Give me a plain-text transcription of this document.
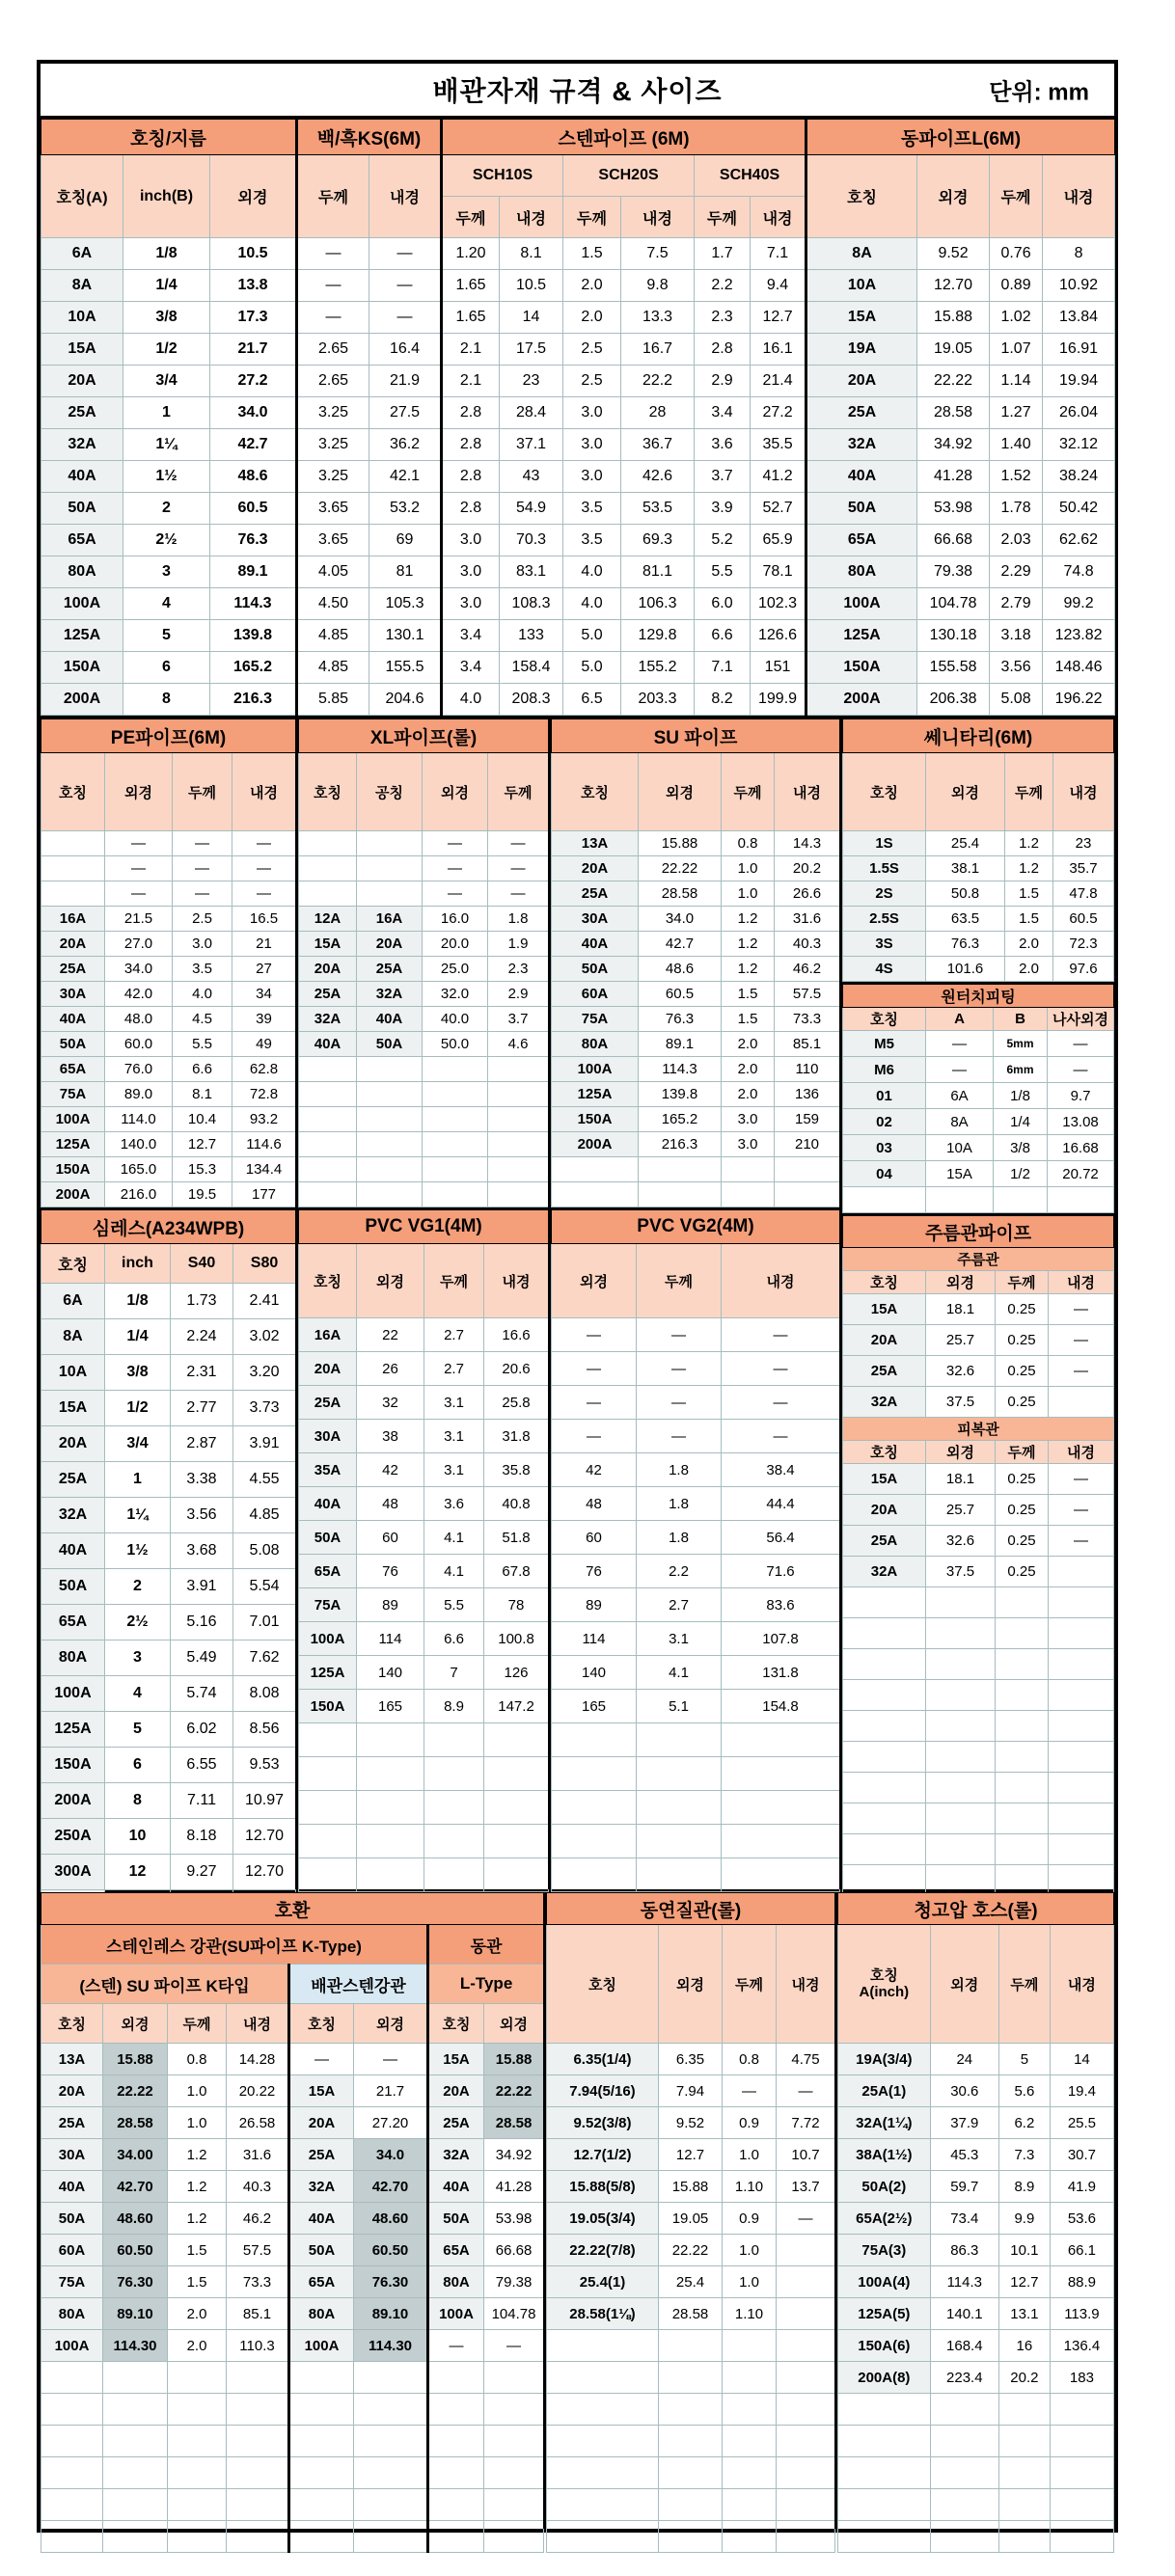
배관자재 규격 & 사이즈	단위: mm
호칭/지름			백/흑KS(6M)		스텐파이프 (6M)						동파이프L(6M)			
호칭(A)	inch(B)	외경	두께	내경	SCH10S		SCH20S		SCH40S		호칭	외경	두께	내경
					두께	내경	두께	내경	두께	내경				
6A	1/8	10.5	—	—	1.20	8.1	1.5	7.5	1.7	7.1	8A	9.52	0.76	8
8A	1/4	13.8	—	—	1.65	10.5	2.0	9.8	2.2	9.4	10A	12.70	0.89	10.92
10A	3/8	17.3	—	—	1.65	14	2.0	13.3	2.3	12.7	15A	15.88	1.02	13.84
15A	1/2	21.7	2.65	16.4	2.1	17.5	2.5	16.7	2.8	16.1	19A	19.05	1.07	16.91
20A	3/4	27.2	2.65	21.9	2.1	23	2.5	22.2	2.9	21.4	20A	22.22	1.14	19.94
25A	1	34.0	3.25	27.5	2.8	28.4	3.0	28	3.4	27.2	25A	28.58	1.27	26.04
32A	1¼	42.7	3.25	36.2	2.8	37.1	3.0	36.7	3.6	35.5	32A	34.92	1.40	32.12
40A	1½	48.6	3.25	42.1	2.8	43	3.0	42.6	3.7	41.2	40A	41.28	1.52	38.24
50A	2	60.5	3.65	53.2	2.8	54.9	3.5	53.5	3.9	52.7	50A	53.98	1.78	50.42
65A	2½	76.3	3.65	69	3.0	70.3	3.5	69.3	5.2	65.9	65A	66.68	2.03	62.62
80A	3	89.1	4.05	81	3.0	83.1	4.0	81.1	5.5	78.1	80A	79.38	2.29	74.8
100A	4	114.3	4.50	105.3	3.0	108.3	4.0	106.3	6.0	102.3	100A	104.78	2.79	99.2
125A	5	139.8	4.85	130.1	3.4	133	5.0	129.8	6.6	126.6	125A	130.18	3.18	123.82
150A	6	165.2	4.85	155.5	3.4	158.4	5.0	155.2	7.1	151	150A	155.58	3.56	148.46
200A	8	216.3	5.85	204.6	4.0	208.3	6.5	203.3	8.2	199.9	200A	206.38	5.08	196.22
PE파이프(6M)			
호칭	외경	두께	내경
	—	—	—
	—	—	—
	—	—	—
16A	21.5	2.5	16.5
20A	27.0	3.0	21
25A	34.0	3.5	27
30A	42.0	4.0	34
40A	48.0	4.5	39
50A	60.0	5.5	49
65A	76.0	6.6	62.8
75A	89.0	8.1	72.8
100A	114.0	10.4	93.2
125A	140.0	12.7	114.6
150A	165.0	15.3	134.4
200A	216.0	19.5	177
심레스(A234WPB)			
호칭	inch	S40	S80
6A	1/8	1.73	2.41
8A	1/4	2.24	3.02
10A	3/8	2.31	3.20
15A	1/2	2.77	3.73
20A	3/4	2.87	3.91
25A	1	3.38	4.55
32A	1¼	3.56	4.85
40A	1½	3.68	5.08
50A	2	3.91	5.54
65A	2½	5.16	7.01
80A	3	5.49	7.62
100A	4	5.74	8.08
125A	5	6.02	8.56
150A	6	6.55	9.53
200A	8	7.11	10.97
250A	10	8.18	12.70
300A	12	9.27	12.70

XL파이프(롤)			
호칭	공칭	외경	두께
		—	—
		—	—
		—	—
12A	16A	16.0	1.8
15A	20A	20.0	1.9
20A	25A	25.0	2.3
25A	32A	32.0	2.9
32A	40A	40.0	3.7
40A	50A	50.0	4.6

PVC VG1(4M)			
호칭	외경	두께	내경
16A	22	2.7	16.6
20A	26	2.7	20.6
25A	32	3.1	25.8
30A	38	3.1	31.8
35A	42	3.1	35.8
40A	48	3.6	40.8
50A	60	4.1	51.8
65A	76	4.1	67.8
75A	89	5.5	78
100A	114	6.6	100.8
125A	140	7	126
150A	165	8.9	147.2

SU 파이프			
호칭	외경	두께	내경
13A	15.88	0.8	14.3
20A	22.22	1.0	20.2
25A	28.58	1.0	26.6
30A	34.0	1.2	31.6
40A	42.7	1.2	40.3
50A	48.6	1.2	46.2
60A	60.5	1.5	57.5
75A	76.3	1.5	73.3
80A	89.1	2.0	85.1
100A	114.3	2.0	110
125A	139.8	2.0	136
150A	165.2	3.0	159
200A	216.3	3.0	210

PVC VG2(4M)		
외경	두께	내경
—	—	—
—	—	—
—	—	—
—	—	—
42	1.8	38.4
48	1.8	44.4
60	1.8	56.4
76	2.2	71.6
89	2.7	83.6
114	3.1	107.8
140	4.1	131.8
165	5.1	154.8

쎄니타리(6M)			
호칭	외경	두께	내경
1S	25.4	1.2	23
1.5S	38.1	1.2	35.7
2S	50.8	1.5	47.8
2.5S	63.5	1.5	60.5
3S	76.3	2.0	72.3
4S	101.6	2.0	97.6
원터치피팅			
호칭	A	B	나사외경
M5	—	5mm	—
M6	—	6mm	—
01	6A	1/8	9.7
02	8A	1/4	13.08
03	10A	3/8	16.68
04	15A	1/2	20.72

주름관파이프			
주름관			
호칭	외경	두께	내경
15A	18.1	0.25	—
20A	25.7	0.25	—
25A	32.6	0.25	—
32A	37.5	0.25	
피복관			
호칭	외경	두께	내경
15A	18.1	0.25	—
20A	25.7	0.25	—
25A	32.6	0.25	—
32A	37.5	0.25	

호환							
스테인레스 강관(SU파이프 K-Type)						동관	
(스텐) SU 파이프 K타입				배관스텐강관		L-Type	
호칭	외경	두께	내경	호칭	외경	호칭	외경
13A	15.88	0.8	14.28	—	—	15A	15.88
20A	22.22	1.0	20.22	15A	21.7	20A	22.22
25A	28.58	1.0	26.58	20A	27.20	25A	28.58
30A	34.00	1.2	31.6	25A	34.0	32A	34.92
40A	42.70	1.2	40.3	32A	42.70	40A	41.28
50A	48.60	1.2	46.2	40A	48.60	50A	53.98
60A	60.50	1.5	57.5	50A	60.50	65A	66.68
75A	76.30	1.5	73.3	65A	76.30	80A	79.38
80A	89.10	2.0	85.1	80A	89.10	100A	104.78
100A	114.30	2.0	110.3	100A	114.30	—	—

동연질관(롤)			
호칭	외경	두께	내경
6.35(1/4)	6.35	0.8	4.75
7.94(5/16)	7.94	—	—
9.52(3/8)	9.52	0.9	7.72
12.7(1/2)	12.7	1.0	10.7
15.88(5/8)	15.88	1.10	13.7
19.05(3/4)	19.05	0.9	—
22.22(7/8)	22.22	1.0	
25.4(1)	25.4	1.0	
28.58(1⅛)	28.58	1.10	

청고압 호스(롤)			

호칭
A(inch)	외경	두께	내경
19A(3/4)	24	5	14
25A(1)	30.6	5.6	19.4
32A(1¼)	37.9	6.2	25.5
38A(1½)	45.3	7.3	30.7
50A(2)	59.7	8.9	41.9
65A(2½)	73.4	9.9	53.6
75A(3)	86.3	10.1	66.1
100A(4)	114.3	12.7	88.9
125A(5)	140.1	13.1	113.9
150A(6)	168.4	16	136.4
200A(8)	223.4	20.2	183
